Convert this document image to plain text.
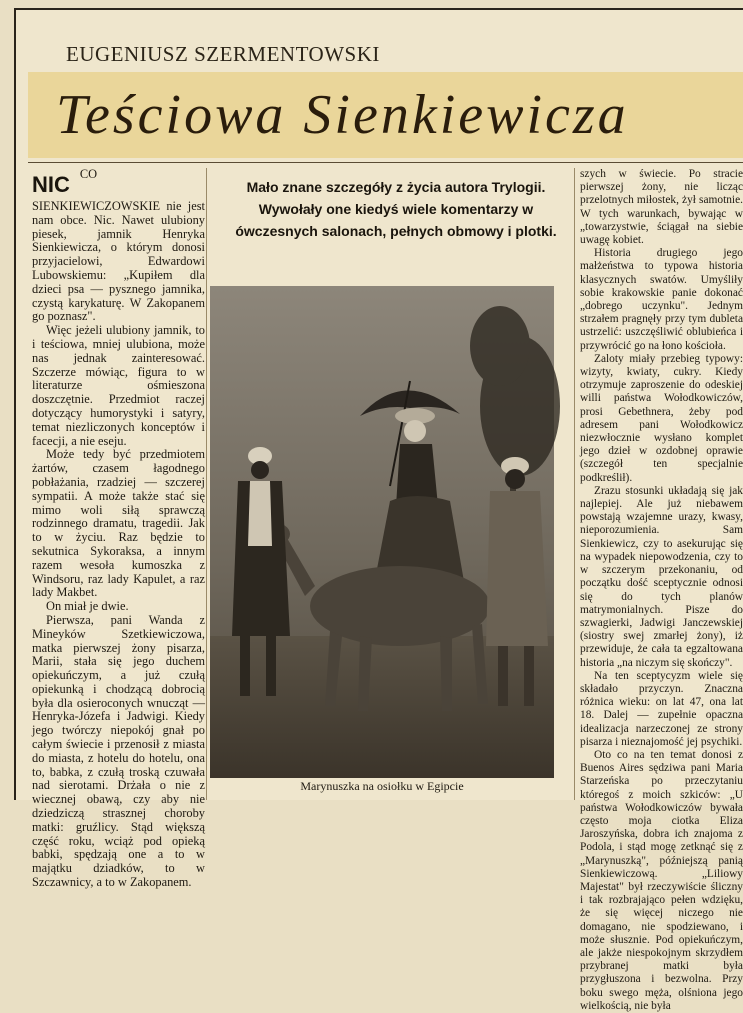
EUGENIUSZ SZERMENTOWSKI
Teściowa Sienkiewicza

NIC CO SIENKIEWICZOWSKIE nie jest nam obce. Nic. Nawet ulubiony piesek, jamnik Henryka Sienkiewicza, o którym donosi przyjacielowi, Edwardowi Lubowskiemu: „Kupiłem dla dzieci psa — pysznego jamnika, czystą karykaturę. W Zakopanem go poznasz".

Więc jeżeli ulubiony jamnik, to i teściowa, mniej ulubiona, może nas jednak zainteresować. Szczerze mówiąc, figura to w literaturze ośmieszona doszczętnie. Przedmiot raczej dotyczący humorystyki i satyry, temat niezliczonych konceptów i facecji, a nie eseju.

Może tedy być przedmiotem żartów, czasem łagodnego pobłażania, rzadziej — szczerej sympatii. A może także stać się mimo woli siłą sprawczą rodzinnego dramatu, tragedii. Jak to w życiu. Raz będzie to sekutnica Sykoraksa, a innym razem wesoła kumoszka z Windsoru, raz lady Kapulet, a raz lady Makbet.

On miał je dwie.

Pierwsza, pani Wanda z Mineyków Szetkiewiczowa, matka pierwszej żony pisarza, Marii, stała się jego duchem opiekuńczym, a już czułą opiekunką i chodzącą dobrocią była dla osieroconych wnucząt — Henryka-Józefa i Jadwigi. Kiedy jego twórczy niepokój gnał po całym świecie i przenosił z miasta do miasta, z hotelu do hotelu, ona to, babka, z czułą troską czuwała nad sierotami. Drżała o nie z wiecznej obawą, czy aby nie dziedziczą strasznej choroby matki: gruźlicy. Stąd większą część roku, wciąż pod opieką babki, spędzają one a to w majątku dziadków, to w Szczawnicy, a to w Zakopanem.

Mało znane szczegóły z życia autora Trylogii. Wywołały one kiedyś wiele komentarzy w ówczesnych salonach, pełnych obmowy i plotki.
Marynuszka na osiołku w Egipcie

szych w świecie. Po stracie pierwszej żony, nie licząc przelotnych miłostek, żył samotnie. W tych warunkach, bywając w „towarzystwie, ściągał na siebie uwagę kobiet.

Historia drugiego jego małżeństwa to typowa historia klasycznych swatów. Umyśliły sobie krakowskie panie dokonać „dobrego uczynku". Jednym strzałem pragnęły przy tym dubleta ustrzelić: uszczęśliwić oblubieńca i przywrócić go na łono kościoła.

Zaloty miały przebieg typowy: wizyty, kwiaty, cukry. Kiedy otrzymuje zaproszenie do odeskiej willi państwa Wołodkowiczów, prosi Gebethnera, żeby pod adresem pani Wołodkowicz niezwłocznie wysłano komplet jego dzieł w ozdobnej oprawie (szczegół ten specjalnie podkreślił).

Zrazu stosunki układają się jak najlepiej. Ale już niebawem powstają wzajemne urazy, kwasy, nieporozumienia. Sam Sienkiewicz, czy to asekurując się na wypadek niepowodzenia, czy to w szczerym przekonaniu, od początku dość sceptycznie odnosi się do tych planów matrymonialnych. Pisze do szwagierki, Jadwigi Janczewskiej (siostry swej zmarłej żony), iż przewiduje, że cała ta egzaltowana historia „na niczym się skończy".

Na ten sceptycyzm wiele się składało przyczyn. Znaczna różnica wieku: on lat 47, ona lat 18. Dalej — zupełnie opaczna idealizacja narzeczonej ze strony pisarza i nieznajomość jej psychiki.

Oto co na ten temat donosi z Buenos Aires sędziwa pani Maria Starzeńska po przeczytaniu któregoś z moich szkiców: „U państwa Wołodkowiczów bywała często moja ciotka Eliza Jaroszyńska, dobra ich znajoma z Podola, i stąd mogę zetknąć się z „Marynuszką", późniejszą panią Sienkiewiczową. „Liliowy Majestat" był rzeczywiście śliczny i tak rozbrajająco pełen wdzięku, że się więcej niczego nie domagano, nie spodziewano, i może słusznie. Pod opiekuńczym, ale jakże niespokojnym skrzydłem przybranej matki była przygłuszona i bezwolna. Przy boku swego męża, olśniona jego wielkością, nie była
